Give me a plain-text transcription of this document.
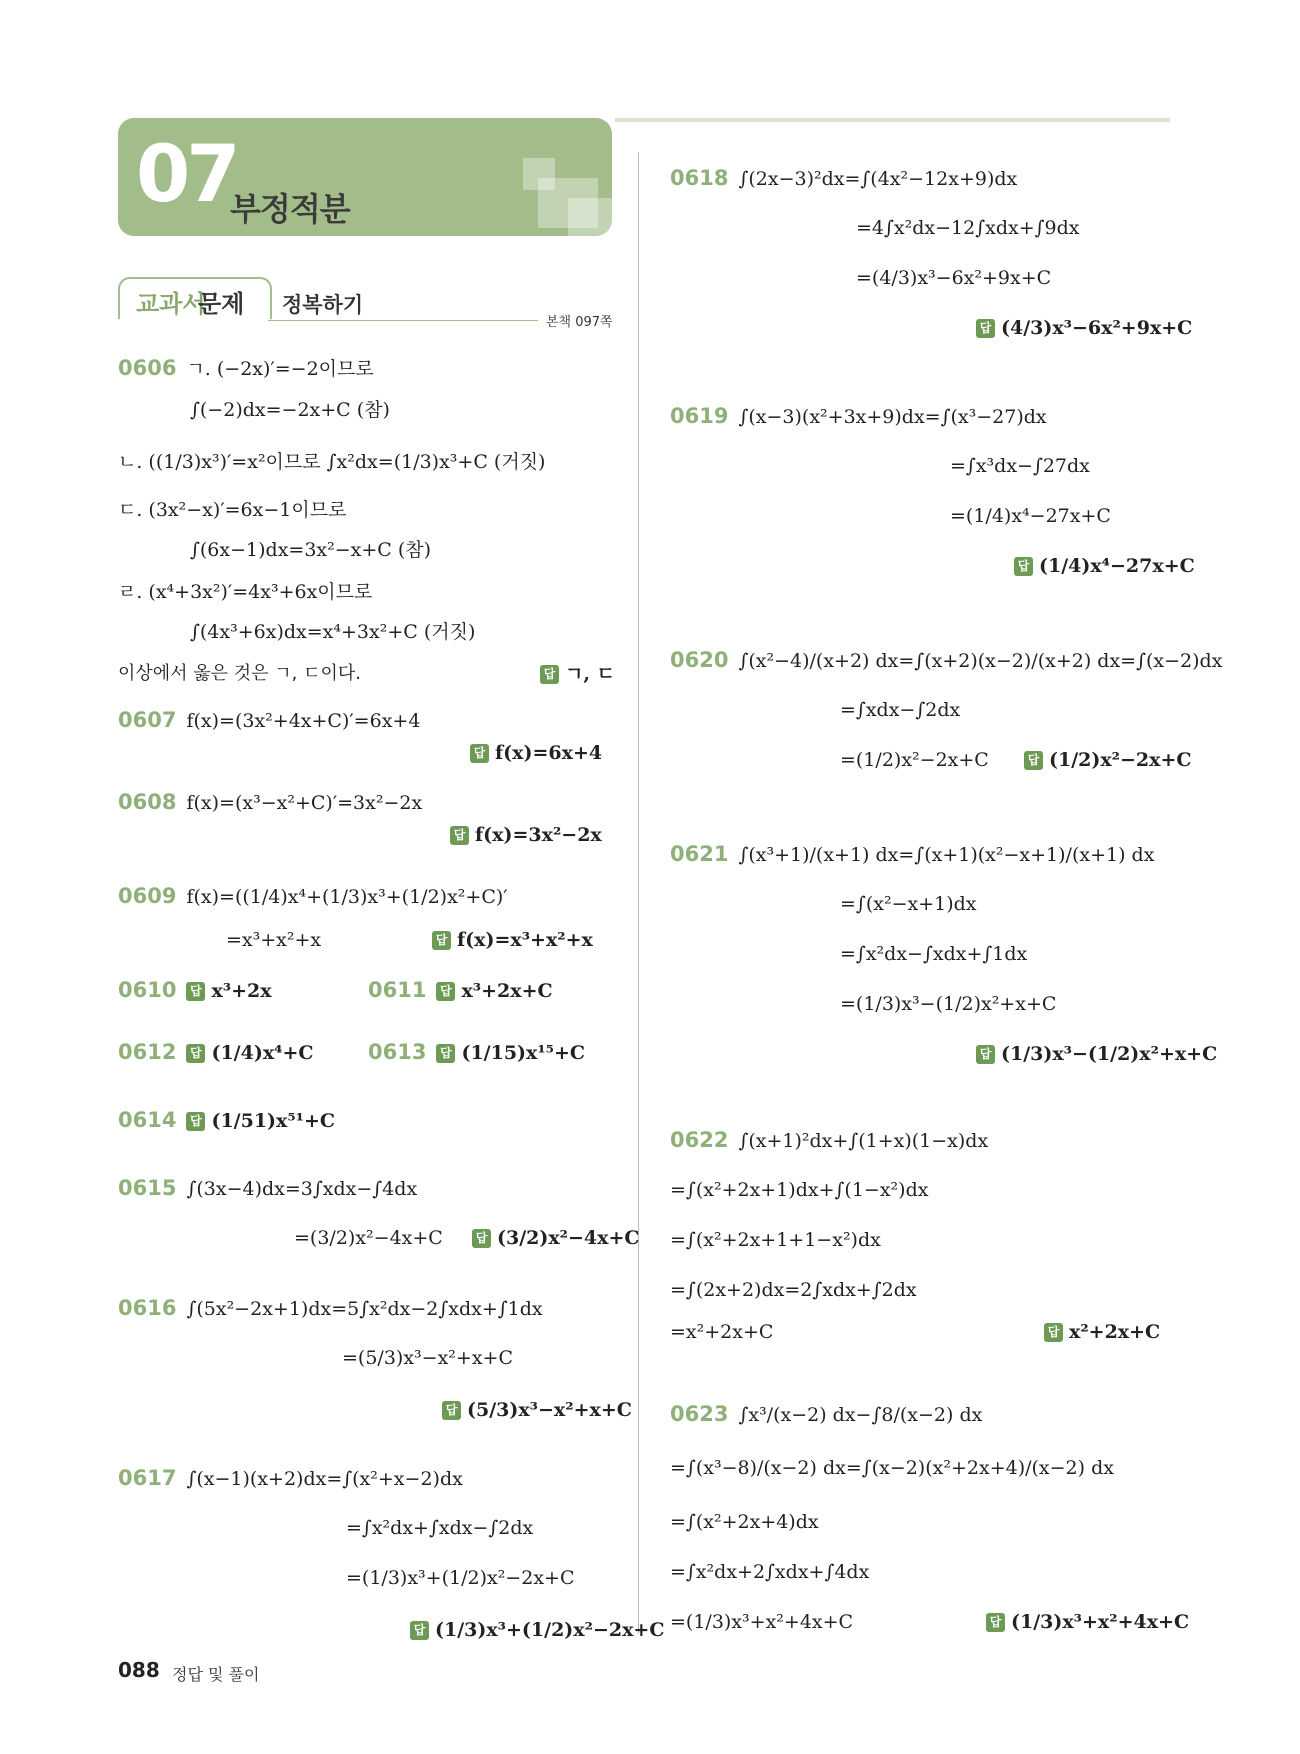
07
부정적분
교과서
문제 정복하기
본책 097쪽
0606 ㄱ. (−2x)′=−2이므로
∫(−2)dx=−2x+C (참)
ㄴ. ((1/3)x³)′=x²이므로 ∫x²dx=(1/3)x³+C (거짓)
ㄷ. (3x²−x)′=6x−1이므로
∫(6x−1)dx=3x²−x+C (참)
ㄹ. (x⁴+3x²)′=4x³+6x이므로
∫(4x³+6x)dx=x⁴+3x²+C (거짓)
이상에서 옳은 것은 ㄱ, ㄷ이다.	답 ㄱ, ㄷ
0607 f(x)=(3x²+4x+C)′=6x+4
답 f(x)=6x+4
0608 f(x)=(x³−x²+C)′=3x²−2x
답 f(x)=3x²−2x
0609 f(x)=((1/4)x⁴+(1/3)x³+(1/2)x²+C)′
=x³+x²+x	답 f(x)=x³+x²+x
0610 답 x³+2x	0611 답 x³+2x+C
0612 답 (1/4)x⁴+C	0613 답 (1/15)x¹⁵+C
0614 답 (1/51)x⁵¹+C
0615 ∫(3x−4)dx=3∫xdx−∫4dx
=(3/2)x²−4x+C	답 (3/2)x²−4x+C
0616 ∫(5x²−2x+1)dx=5∫x²dx−2∫xdx+∫1dx
=(5/3)x³−x²+x+C
답 (5/3)x³−x²+x+C
0617 ∫(x−1)(x+2)dx=∫(x²+x−2)dx
=∫x²dx+∫xdx−∫2dx
=(1/3)x³+(1/2)x²−2x+C
답 (1/3)x³+(1/2)x²−2x+C
0618 ∫(2x−3)²dx=∫(4x²−12x+9)dx
=4∫x²dx−12∫xdx+∫9dx
=(4/3)x³−6x²+9x+C
답 (4/3)x³−6x²+9x+C
0619 ∫(x−3)(x²+3x+9)dx=∫(x³−27)dx
=∫x³dx−∫27dx
=(1/4)x⁴−27x+C
답 (1/4)x⁴−27x+C
0620 ∫(x²−4)/(x+2) dx=∫(x+2)(x−2)/(x+2) dx=∫(x−2)dx
=∫xdx−∫2dx
=(1/2)x²−2x+C	답 (1/2)x²−2x+C
0621 ∫(x³+1)/(x+1) dx=∫(x+1)(x²−x+1)/(x+1) dx
=∫(x²−x+1)dx
=∫x²dx−∫xdx+∫1dx
=(1/3)x³−(1/2)x²+x+C
답 (1/3)x³−(1/2)x²+x+C
0622 ∫(x+1)²dx+∫(1+x)(1−x)dx
=∫(x²+2x+1)dx+∫(1−x²)dx
=∫(x²+2x+1+1−x²)dx
=∫(2x+2)dx=2∫xdx+∫2dx
=x²+2x+C	답 x²+2x+C
0623 ∫x³/(x−2) dx−∫8/(x−2) dx
=∫(x³−8)/(x−2) dx=∫(x−2)(x²+2x+4)/(x−2) dx
=∫(x²+2x+4)dx
=∫x²dx+2∫xdx+∫4dx
=(1/3)x³+x²+4x+C	답 (1/3)x³+x²+4x+C
088 정답 및 풀이
